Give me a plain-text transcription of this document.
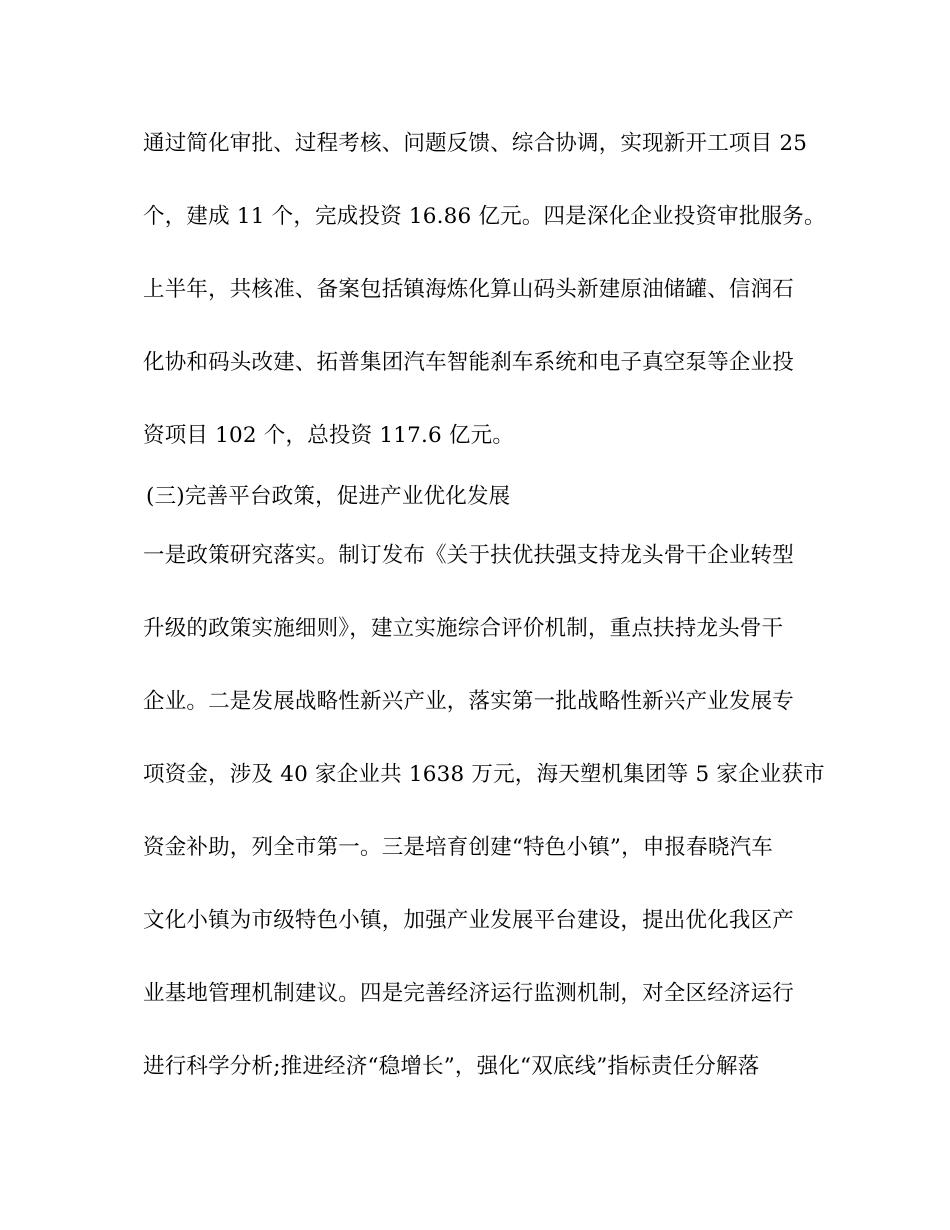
通过简化审批、过程考核、问题反馈、综合协调，实现新开工项目 25
个，建成 11 个，完成投资 16.86 亿元。四是深化企业投资审批服务。
上半年，共核准、备案包括镇海炼化算山码头新建原油储罐、信润石
化协和码头改建、拓普集团汽车智能刹车系统和电子真空泵等企业投
资项目 102 个，总投资 117.6 亿元。
(三)完善平台政策，促进产业优化发展
一是政策研究落实。制订发布《关于扶优扶强支持龙头骨干企业转型
升级的政策实施细则》，建立实施综合评价机制，重点扶持龙头骨干
企业。二是发展战略性新兴产业，落实第一批战略性新兴产业发展专
项资金，涉及 40 家企业共 1638 万元，海天塑机集团等 5 家企业获市
资金补助，列全市第一。三是培育创建“特色小镇”，申报春晓汽车
文化小镇为市级特色小镇，加强产业发展平台建设，提出优化我区产
业基地管理机制建议。四是完善经济运行监测机制，对全区经济运行
进行科学分析;推进经济“稳增长”，强化“双底线”指标责任分解落
